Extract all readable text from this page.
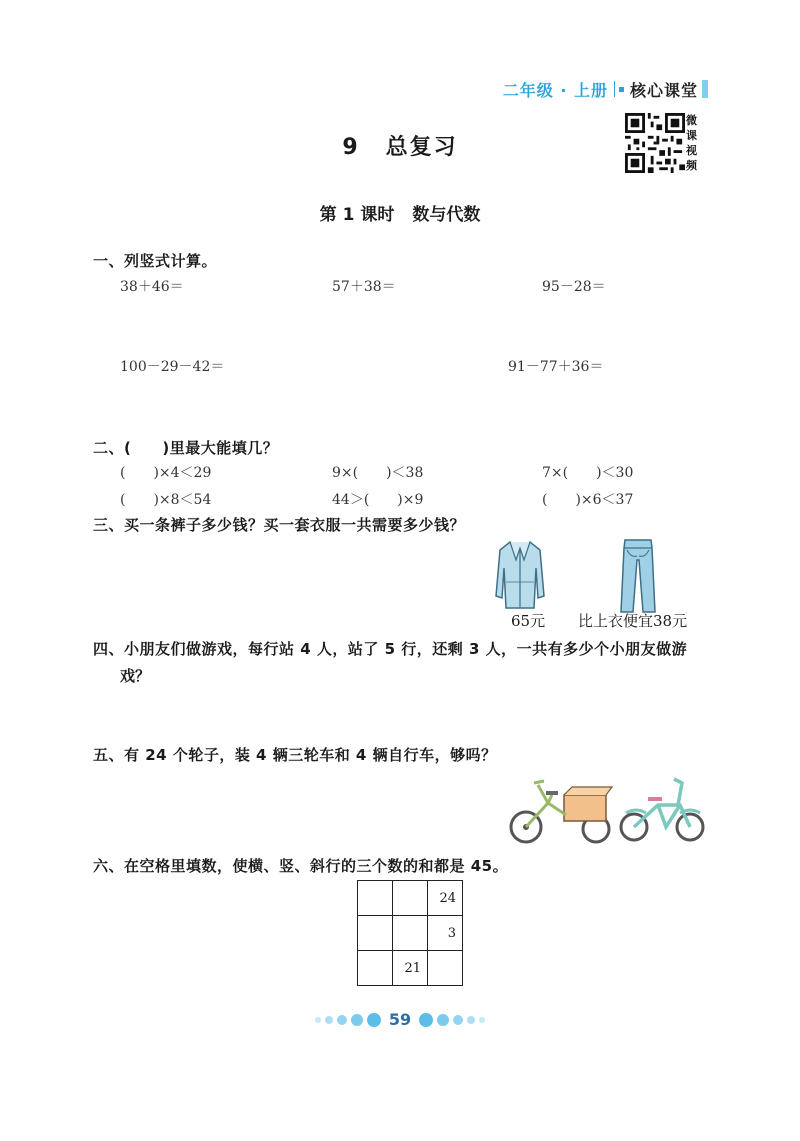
二年级 · 上册 核心课堂
9 总复习
微
课
视
频
第 1 课时 数与代数
一、列竖式计算。
38＋46＝	57＋38＝	95－28＝
100－29－42＝	91－77＋36＝
二、(　　)里最大能填几？
(　　)×4＜29	9×(　　)＜38	7×(　　)＜30
(　　)×8＜54	44＞(　　)×9	(　　)×6＜37
三、买一条裤子多少钱？买一套衣服一共需要多少钱？
65元 比上衣便宜38元
四、小朋友们做游戏，每行站 4 人，站了 5 行，还剩 3 人，一共有多少个小朋友做游
戏？
五、有 24 个轮子，装 4 辆三轮车和 4 辆自行车，够吗？
六、在空格里填数，使横、竖、斜行的三个数的和都是 45。

		24

		3

	21	

59
